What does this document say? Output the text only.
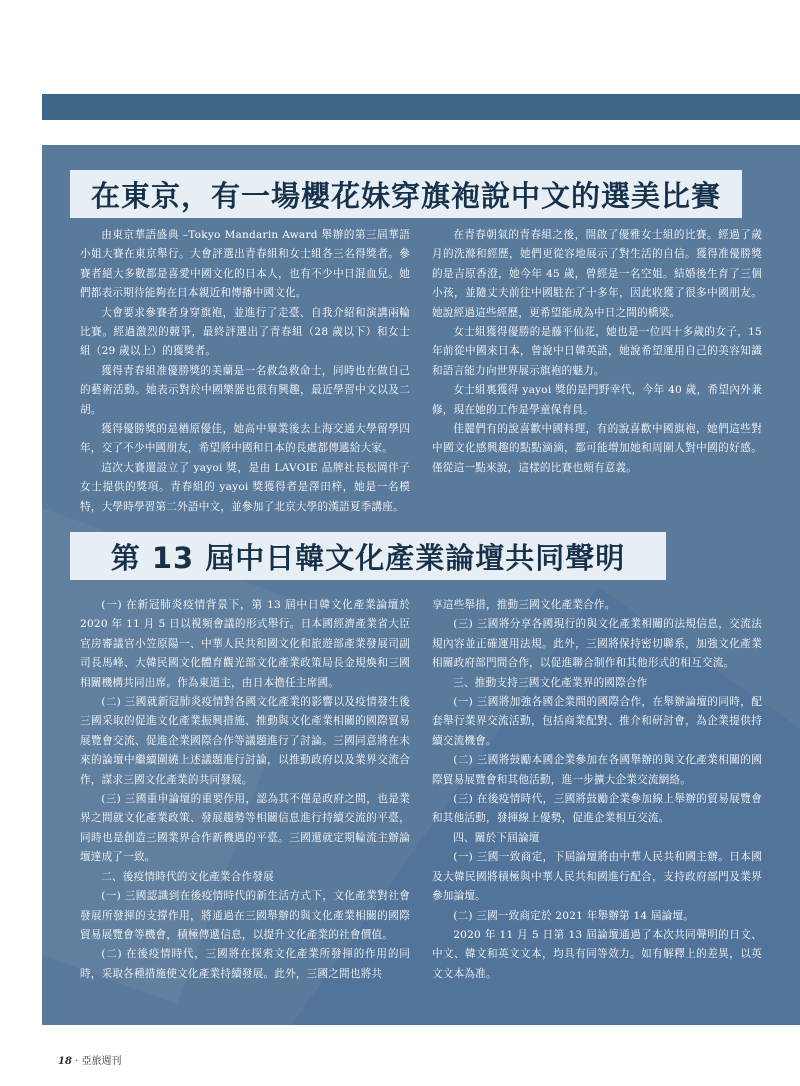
在東京，有一場櫻花妹穿旗袍說中文的選美比賽

由東京華語盛典 –Tokyo Mandarin Award 舉辦的第三屆華語小姐大賽在東京舉行。大會評選出青春組和女士組各三名得獎者。參賽者絕大多數都是喜愛中國文化的日本人，也有不少中日混血兒。她們都表示期待能夠在日本親近和傳播中國文化。

大會要求參賽者身穿旗袍，並進行了走臺、自我介紹和演講兩輪比賽。經過激烈的競爭，最終評選出了青春組（28 歲以下）和女士組（29 歲以上）的獲獎者。

獲得青春組准優勝獎的美蘭是一名救急救命士，同時也在做自己的藝術活動。她表示對於中國樂器也很有興趣，最近學習中文以及二胡。

獲得優勝獎的是楢原優佳，她高中畢業後去上海交通大學留學四年，交了不少中國朋友，希望將中國和日本的長處都傳遞給大家。

這次大賽還設立了 yayoi 獎，是由 LAVOIE 品牌社長松岡伴子女士提供的獎項。青春組的 yayoi 獎獲得者是澤田梓，她是一名模特，大學時學習第二外語中文，並參加了北京大學的漢語夏季講座。

在青春朝氣的青春組之後，開啟了優雅女士組的比賽。經過了歲月的洗滌和經歷，她們更從容地展示了對生活的自信。獲得准優勝獎的是吉原香澄，她今年 45 歲，曾經是一名空姐。結婚後生育了三個小孩，並隨丈夫前往中國駐在了十多年，因此收獲了很多中國朋友。她說經過這些經歷，更希望能成為中日之間的橋梁。

女士組獲得優勝的是藤平仙花，她也是一位四十多歲的女子，15 年前從中國來日本，曾說中日韓英語，她說希望運用自己的美容知識和語言能力向世界展示旗袍的魅力。

女士組裏獲得 yayoi 獎的是門野幸代，今年 40 歲，希望內外兼修，現在她的工作是學童保育員。

佳麗們有的說喜歡中國料理，有的說喜歡中國旗袍，她們這些對中國文化感興趣的點點滴滴，都可能增加她和周圍人對中國的好感。僅從這一點來說，這樣的比賽也頗有意義。

第 13 屆中日韓文化產業論壇共同聲明

(一) 在新冠肺炎疫情背景下，第 13 屆中日韓文化產業論壇於 2020 年 11 月 5 日以視頻會議的形式舉行。日本國經濟產業省大臣官房審議官小笠原陽一、中華人民共和國文化和旅遊部產業發展司副司長馬峰、大韓民國文化體育觀光部文化產業政策局長金規煥和三國相關機構共同出席。作為東道主，由日本擔任主席國。

(二) 三國就新冠肺炎疫情對各國文化產業的影響以及疫情發生後三國采取的促進文化產業振興措施、推動與文化產業相關的國際貿易展覽會交流、促進企業國際合作等議題進行了討論。三國同意將在未來的論壇中繼續圍繞上述議題進行討論，以推動政府以及業界交流合作，謀求三國文化產業的共同發展。

(三) 三國重申論壇的重要作用，認為其不僅是政府之間，也是業界之間就文化產業政策、發展趨勢等相關信息進行持續交流的平臺，同時也是創造三國業界合作新機遇的平臺。三國還就定期輪流主辦論壇達成了一致。

二、後疫情時代的文化產業合作發展

(一) 三國認識到在後疫情時代的新生活方式下，文化產業對社會發展所發揮的支撐作用，將通過在三國舉辦的與文化產業相關的國際貿易展覽會等機會，積極傳遞信息，以提升文化產業的社會價值。

(二) 在後疫情時代，三國將在探索文化產業所發揮的作用的同時，采取各種措施使文化產業持續發展。此外，三國之間也將共

享這些舉措，推動三國文化產業合作。

(三) 三國將分享各國現行的與文化產業相關的法規信息，交流法規內容並正確運用法規。此外，三國將保持密切聯系，加強文化產業相關政府部門間合作，以促進聯合制作和其他形式的相互交流。

三、推動支持三國文化產業界的國際合作

(一) 三國將加強各國企業間的國際合作，在舉辦論壇的同時，配套舉行業界交流活動，包括商業配對、推介和研討會，為企業提供持續交流機會。

(二) 三國將鼓勵本國企業參加在各國舉辦的與文化產業相關的國際貿易展覽會和其他活動，進一步擴大企業交流網絡。

(三) 在後疫情時代，三國將鼓勵企業參加線上舉辦的貿易展覽會和其他活動，發揮線上優勢，促進企業相互交流。

四、關於下屆論壇

(一) 三國一致商定，下屆論壇將由中華人民共和國主辦。日本國及大韓民國將積極與中華人民共和國進行配合，支持政府部門及業界參加論壇。

(二) 三國一致商定於 2021 年舉辦第 14 屆論壇。

2020 年 11 月 5 日第 13 屆論壇通過了本次共同聲明的日文、中文、韓文和英文文本，均具有同等效力。如有解釋上的差異，以英文文本為准。

18 · 亞旅週刊
